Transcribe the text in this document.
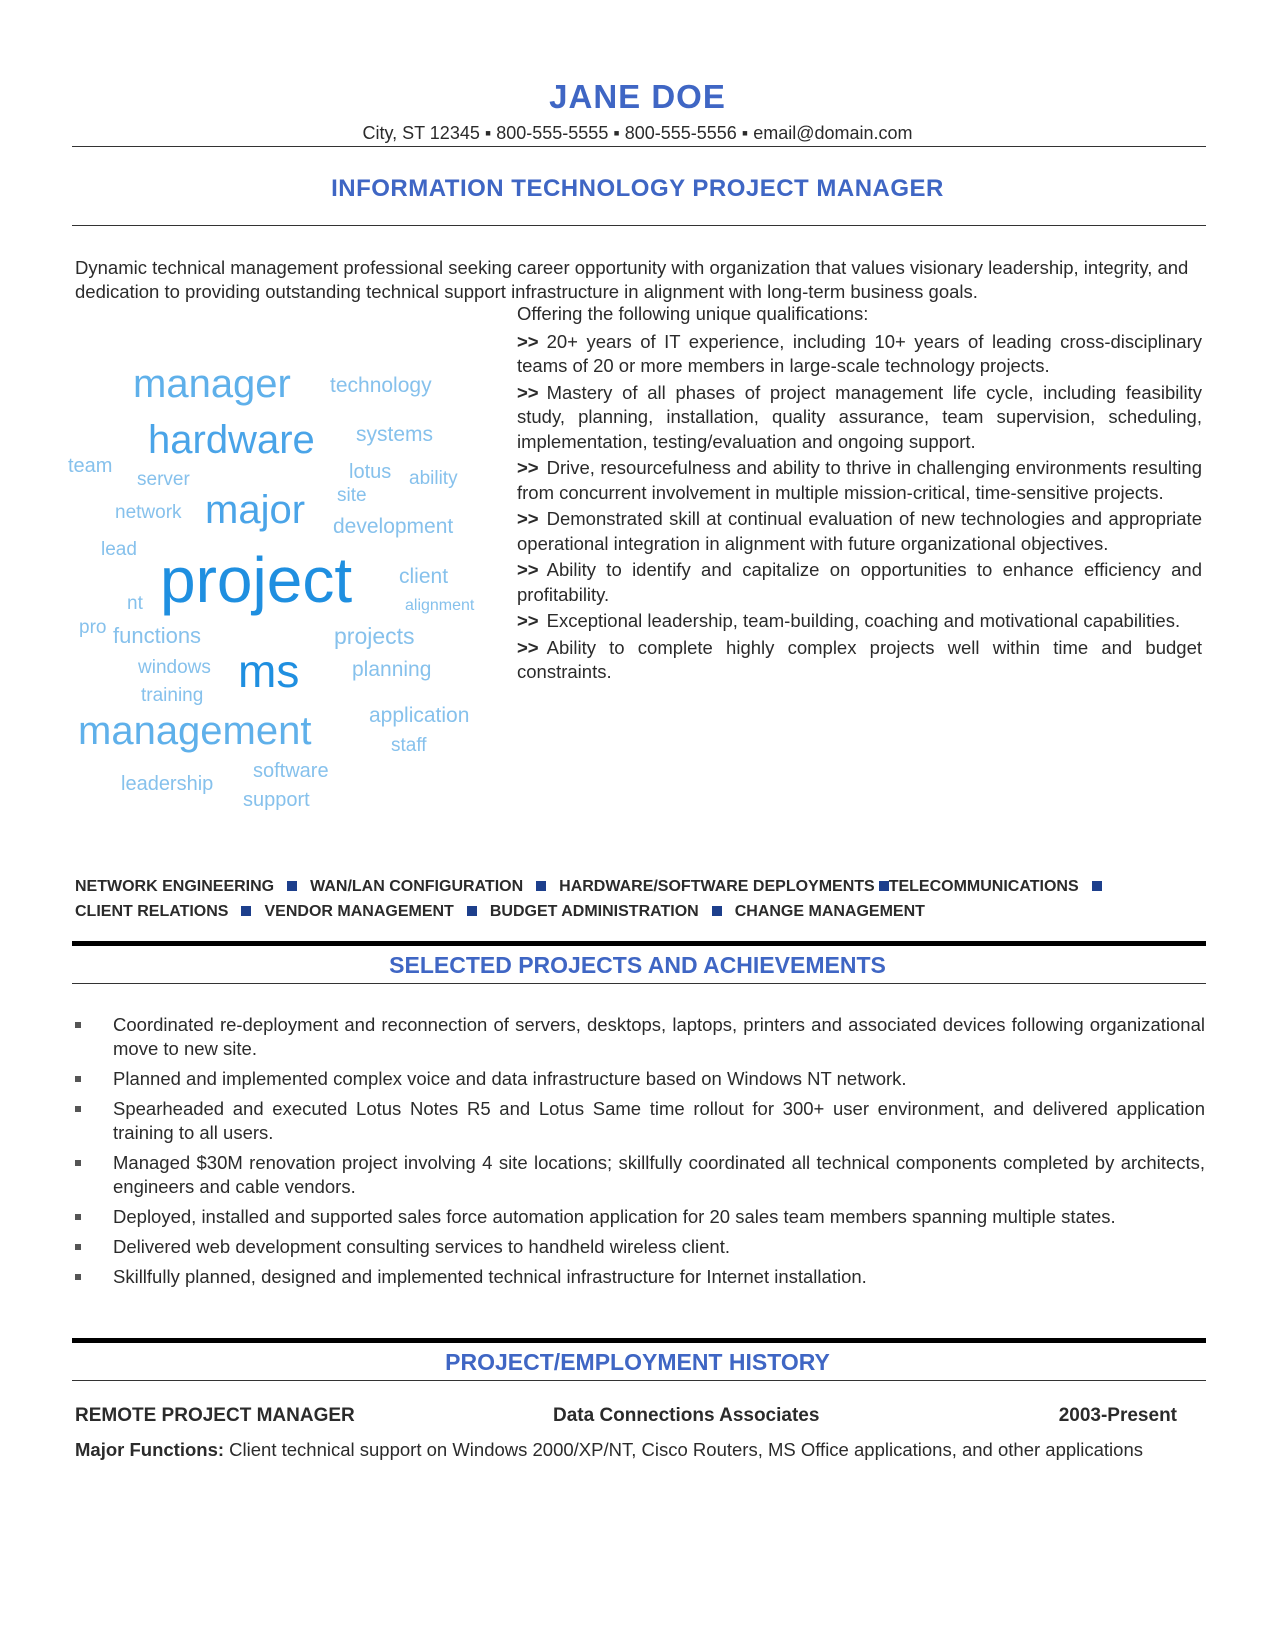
JANE DOE
City, ST 12345 ▪ 800-555-5555 ▪ 800-555-5556 ▪ email@domain.com
INFORMATION TECHNOLOGY PROJECT MANAGER
Dynamic technical management professional seeking career opportunity with organization that values visionary leadership, integrity, and dedication to providing outstanding technical support infrastructure in alignment with long-term business goals.
Offering the following unique qualifications:
>> 20+ years of IT experience, including 10+ years of leading cross-disciplinary teams of 20 or more members in large-scale technology projects.
>> Mastery of all phases of project management life cycle, including feasibility study, planning, installation, quality assurance, team supervision, scheduling, implementation, testing/evaluation and ongoing support.
>> Drive, resourcefulness and ability to thrive in challenging environments resulting from concurrent involvement in multiple mission-critical, time-sensitive projects.
>> Demonstrated skill at continual evaluation of new technologies and appropriate operational integration in alignment with future organizational objectives.
>> Ability to identify and capitalize on opportunities to enhance efficiency and profitability.
>> Exceptional leadership, team-building, coaching and motivational capabilities.
>> Ability to complete highly complex projects well within time and budget constraints.
manager technology
hardware systems
team
server	lotus ability
site
network major development
lead project client
nt	alignment
pro functions	projects
windows ms	planning
training
application
management	staff
software
leadership
support
NETWORK ENGINEERING WAN/LAN CONFIGURATION HARDWARE/SOFTWARE DEPLOYMENTS TELECOMMUNICATIONS
CLIENT RELATIONS VENDOR MANAGEMENT BUDGET ADMINISTRATION CHANGE MANAGEMENT
SELECTED PROJECTS AND ACHIEVEMENTS
Coordinated re-deployment and reconnection of servers, desktops, laptops, printers and associated devices following organizational move to new site.
Planned and implemented complex voice and data infrastructure based on Windows NT network.
Spearheaded and executed Lotus Notes R5 and Lotus Same time rollout for 300+ user environment, and delivered application training to all users.
Managed $30M renovation project involving 4 site locations; skillfully coordinated all technical components completed by architects, engineers and cable vendors.
Deployed, installed and supported sales force automation application for 20 sales team members spanning multiple states.
Delivered web development consulting services to handheld wireless client.
Skillfully planned, designed and implemented technical infrastructure for Internet installation.
PROJECT/EMPLOYMENT HISTORY
REMOTE PROJECT MANAGER	Data Connections Associates	2003-Present
Major Functions: Client technical support on Windows 2000/XP/NT, Cisco Routers, MS Office applications, and other applications
